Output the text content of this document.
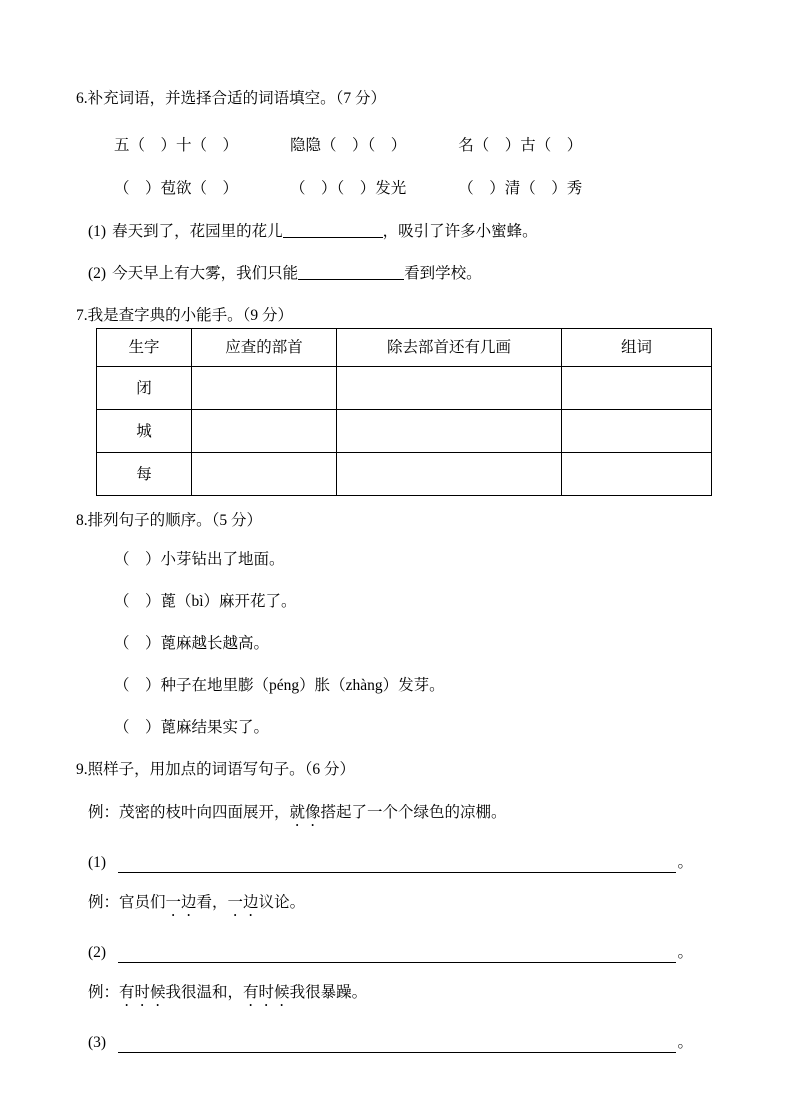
6.补充词语，并选择合适的词语填空。（7 分）
五（　）十（　）	隐隐（　）（　）	名（　）古（　）
（　）苞欲（　）	（　）（　）发光	（　）清（　）秀
(1) 春天到了，花园里的花儿	，吸引了许多小蜜蜂。
(2) 今天早上有大雾，我们只能	看到学校。
7.我是查字典的小能手。（9 分）
生字	应查的部首	除去部首还有几画	组词
闭			
城			
每			
8.排列句子的顺序。（5 分）
（　）小芽钻出了地面。
（　）蓖（bì）麻开花了。
（　）蓖麻越长越高。
（　）种子在地里膨（péng）胀（zhàng）发芽。
（　）蓖麻结果实了。
9.照样子，用加点的词语写句子。（6 分）
例：茂密的枝叶向四面展开，就像搭起了一个个绿色的凉棚。
(1)	。
例：官员们一边看，一边议论。
(2)	。
例：有时候我很温和，有时候我很暴躁。
(3)	。
